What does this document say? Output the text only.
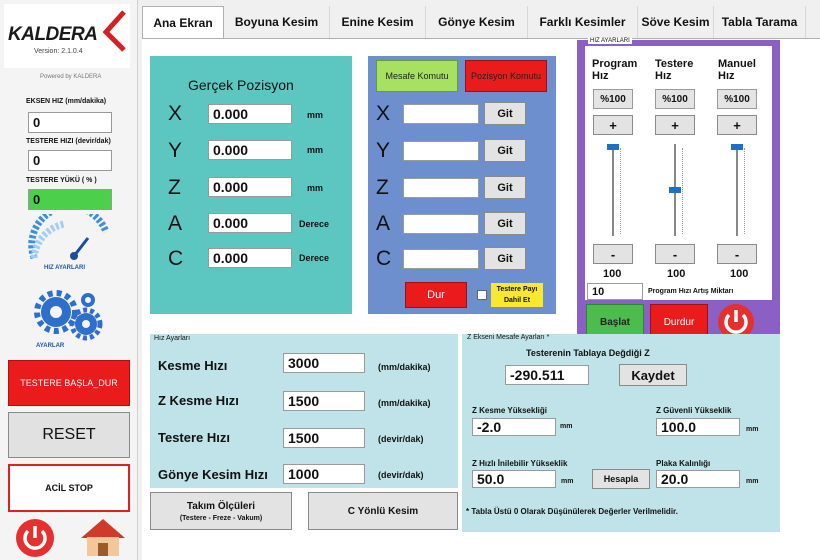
KALDERA
Version: 2.1.0.4
Powered by KALDERA
EKSEN HIZ (mm/dakika)
0
TESTERE HIZI (devir/dak)
0
TESTERE YÜKÜ ( % )
0
HIZ AYARLARI
AYARLAR
TESTERE BAŞLA_DUR
RESET
ACİL STOP
Ana Ekran	Boyuna Kesim	Enine Kesim	Gönye Kesim	Farklı Kesimler	Söve Kesim	Tabla Tarama
Gerçek Pozisyon
X	0.000	mm
Y	0.000	mm
Z	0.000	mm
A	0.000	Derece
C	0.000	Derece
Mesafe Komutu	Pozisyon Komutu
X	Git
Y	Git
Z	Git
A	Git
C	Git
Dur	Testere Payı Dahil Et
HIZ AYARLARI
Program Hız
Testere Hız
Manuel Hız
%100	%100	%100
+	+	+
-	-	-
100	100	100
10	Program Hızı Artış Miktarı
Başlat	Durdur
Hız Ayarları
Kesme Hızı	3000	(mm/dakika)
Z Kesme Hızı	1500	(mm/dakika)
Testere Hızı	1500	(devir/dak)
Gönye Kesim Hızı	1000	(devir/dak)
Z Ekseni Mesafe Ayarları *
Testerenin Tablaya Değdiği Z
-290.511	Kaydet
Z Kesme Yüksekliği
-2.0	mm
Z Güvenli Yükseklik
100.0	mm
Z Hızlı İnilebilir Yükseklik
50.0	mm	Hesapla
Plaka Kalınlığı
20.0	mm
* Tabla Üstü 0 Olarak Düşünülerek Değerler Verilmelidir.
Takım Ölçüleri
(Testere - Freze - Vakum)
C Yönlü Kesim
